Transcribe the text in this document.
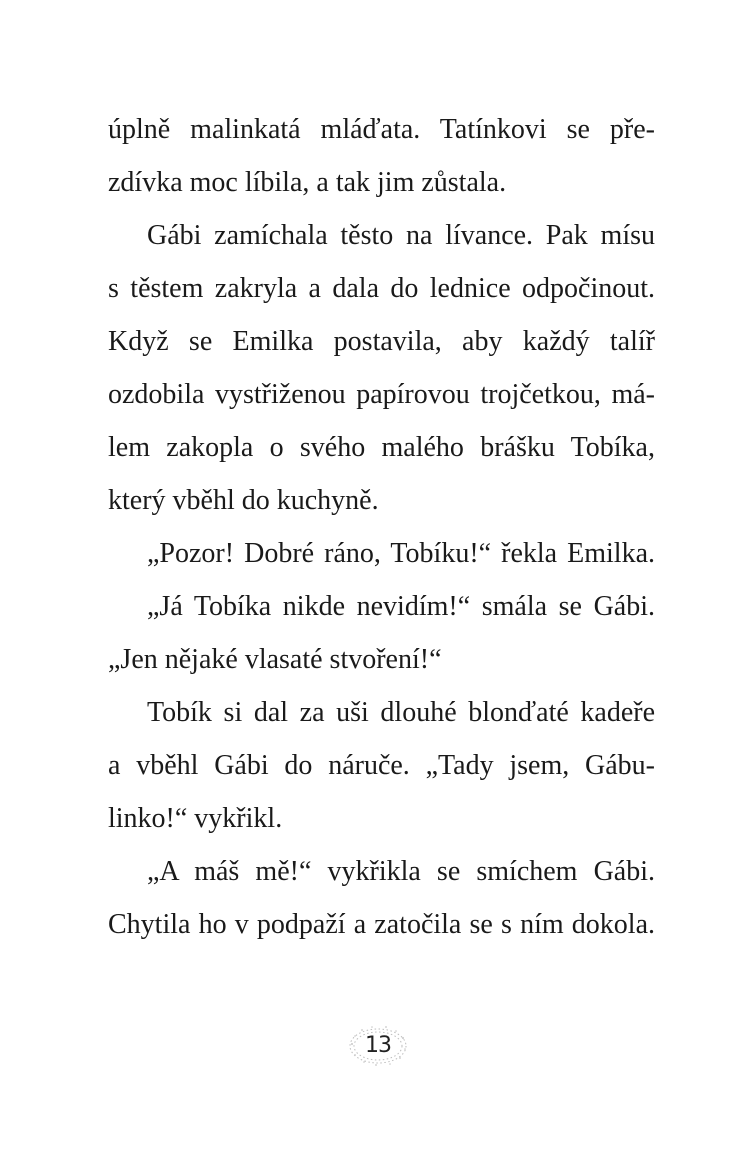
úplně malinkatá mláďata. Tatínkovi se pře-
zdívka moc líbila, a tak jim zůstala.
Gábi zamíchala těsto na lívance. Pak mísu
s těstem zakryla a dala do lednice odpočinout.
Když se Emilka postavila, aby každý talíř
ozdobila vystřiženou papírovou trojčetkou, má-
lem zakopla o svého malého brášku Tobíka,
který vběhl do kuchyně.
„Pozor! Dobré ráno, Tobíku!“ řekla Emilka.
„Já Tobíka nikde nevidím!“ smála se Gábi.
„Jen nějaké vlasaté stvoření!“
Tobík si dal za uši dlouhé blonďaté kadeře
a vběhl Gábi do náruče. „Tady jsem, Gábu-
linko!“ vykřikl.
„A máš mě!“ vykřikla se smíchem Gábi.
Chytila ho v podpaží a zatočila se s ním dokola.
13
